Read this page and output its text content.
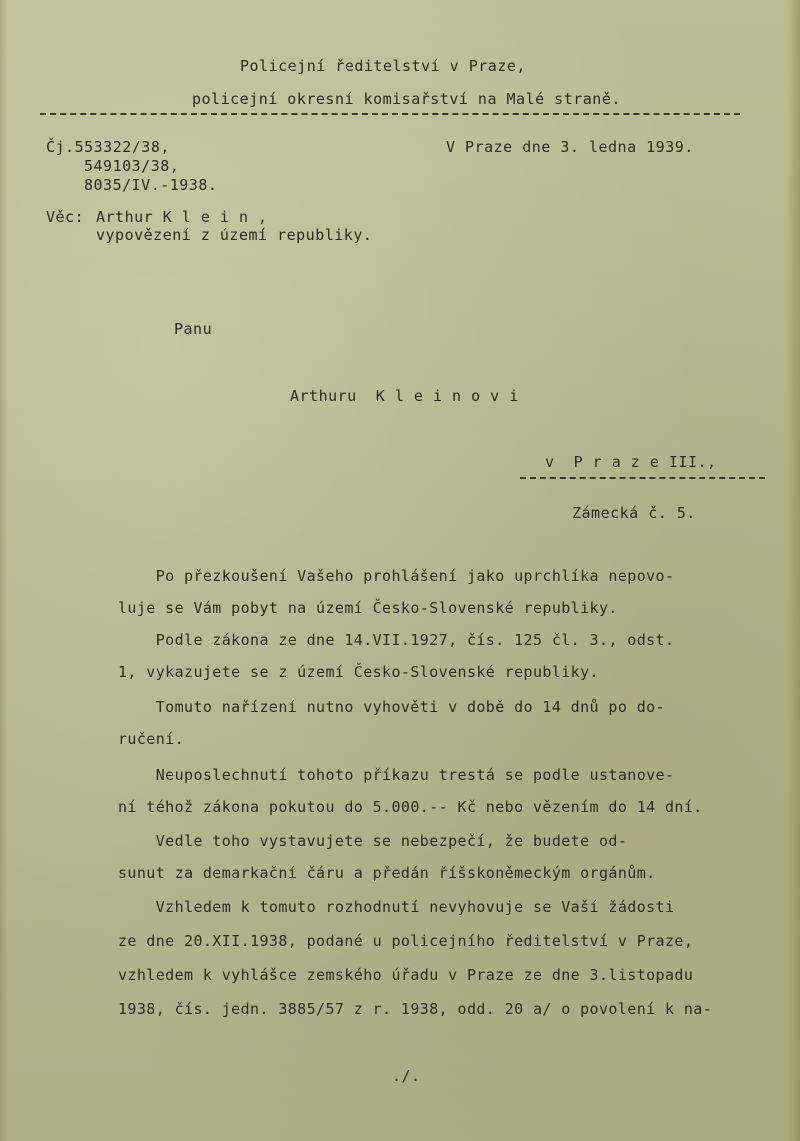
Policejní ředitelství v Praze,
policejní okresní komisařství na Malé straně.
Čj.553322/38,
549103/38,
8035/IV.-1938.
V Praze dne 3. ledna 1939.
Věc: Arthur K l e i n ,
vypovězení z území republiky.
Panu
Arthuru  K l e i n o v i
v  P r a z e III.,
Zámecká č. 5.
Po přezkoušení Vašeho prohlášení jako uprchlíka nepovo-
luje se Vám pobyt na území Česko-Slovenské republiky.
Podle zákona ze dne 14.VII.1927, čís. 125 čl. 3., odst.
1, vykazujete se z území Česko-Slovenské republiky.
Tomuto nařízení nutno vyhověti v době do 14 dnů po do-
ručení.
Neuposlechnutí tohoto příkazu trestá se podle ustanove-
ní téhož zákona pokutou do 5.000.-- Kč nebo vězením do 14 dní.
Vedle toho vystavujete se nebezpečí, že budete od-
sunut za demarkační čáru a předán říšskoněmeckým orgánům.
Vzhledem k tomuto rozhodnutí nevyhovuje se Vaší žádosti
ze dne 20.XII.1938, podané u policejního ředitelství v Praze,
vzhledem k vyhlášce zemského úřadu v Praze ze dne 3.listopadu
1938, čís. jedn. 3885/57 z r. 1938, odd. 20 a/ o povolení k na-
./.
